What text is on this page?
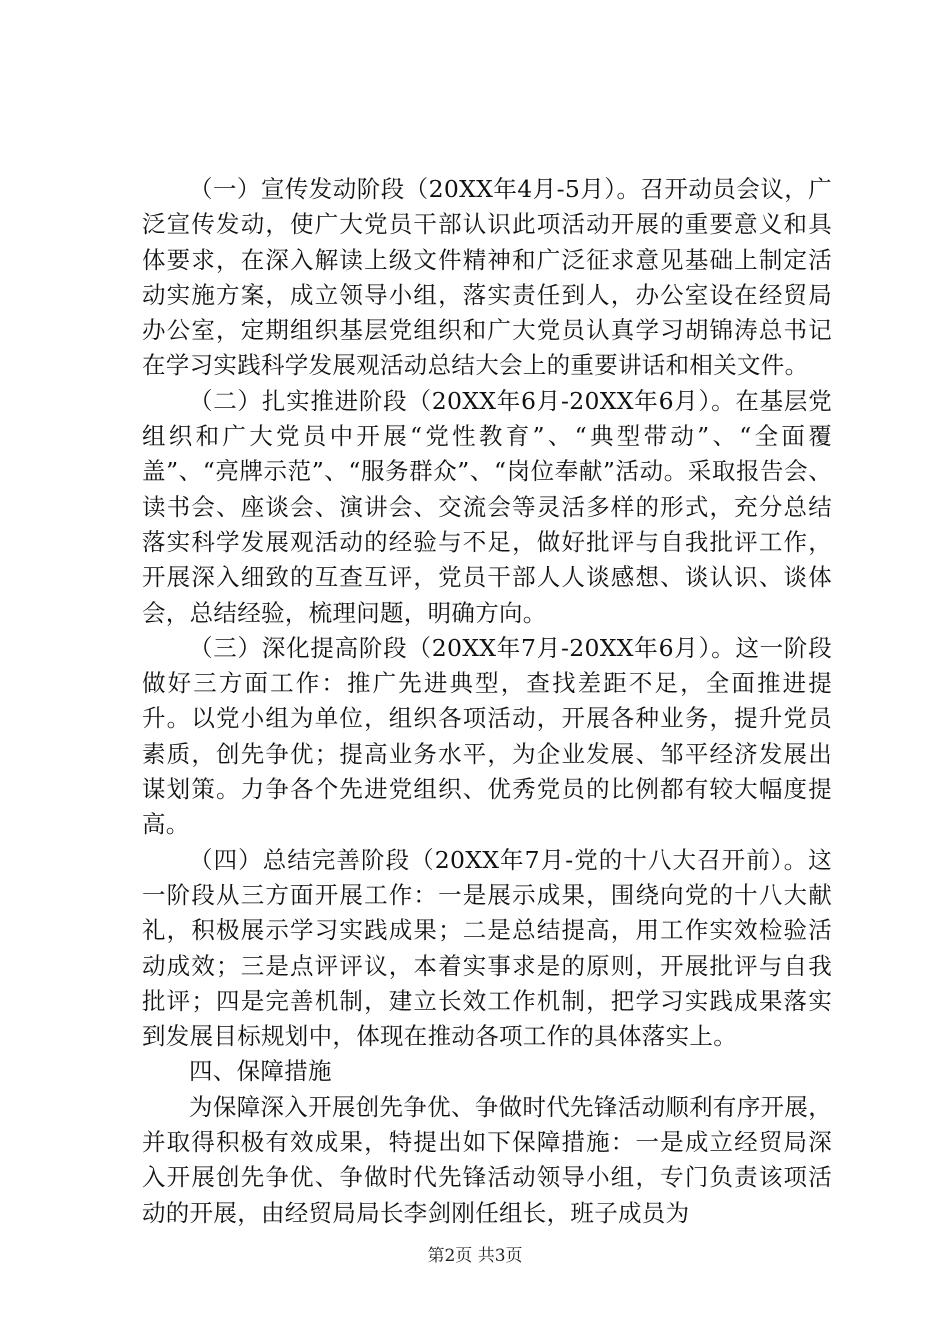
（一）宣传发动阶段（20XX年4月-5月）。召开动员会议，广泛宣传发动，使广大党员干部认识此项活动开展的重要意义和具体要求，在深入解读上级文件精神和广泛征求意见基础上制定活动实施方案，成立领导小组，落实责任到人，办公室设在经贸局办公室，定期组织基层党组织和广大党员认真学习胡锦涛总书记在学习实践科学发展观活动总结大会上的重要讲话和相关文件。

（二）扎实推进阶段（20XX年6月-20XX年6月）。在基层党组织和广大党员中开展“党性教育”、“典型带动”、“全面覆盖”、“亮牌示范”、“服务群众”、“岗位奉献”活动。采取报告会、读书会、座谈会、演讲会、交流会等灵活多样的形式，充分总结落实科学发展观活动的经验与不足，做好批评与自我批评工作，开展深入细致的互查互评，党员干部人人谈感想、谈认识、谈体会，总结经验，梳理问题，明确方向。

（三）深化提高阶段（20XX年7月-20XX年6月）。这一阶段做好三方面工作：推广先进典型，查找差距不足，全面推进提升。以党小组为单位，组织各项活动，开展各种业务，提升党员素质，创先争优；提高业务水平，为企业发展、邹平经济发展出谋划策。力争各个先进党组织、优秀党员的比例都有较大幅度提高。

（四）总结完善阶段（20XX年7月-党的十八大召开前）。这一阶段从三方面开展工作：一是展示成果，围绕向党的十八大献礼，积极展示学习实践成果；二是总结提高，用工作实效检验活动成效；三是点评评议，本着实事求是的原则，开展批评与自我批评；四是完善机制，建立长效工作机制，把学习实践成果落实到发展目标规划中，体现在推动各项工作的具体落实上。

四、保障措施

为保障深入开展创先争优、争做时代先锋活动顺利有序开展，并取得积极有效成果，特提出如下保障措施：一是成立经贸局深入开展创先争优、争做时代先锋活动领导小组，专门负责该项活动的开展，由经贸局局长李剑刚任组长，班子成员为

第2页 共3页
